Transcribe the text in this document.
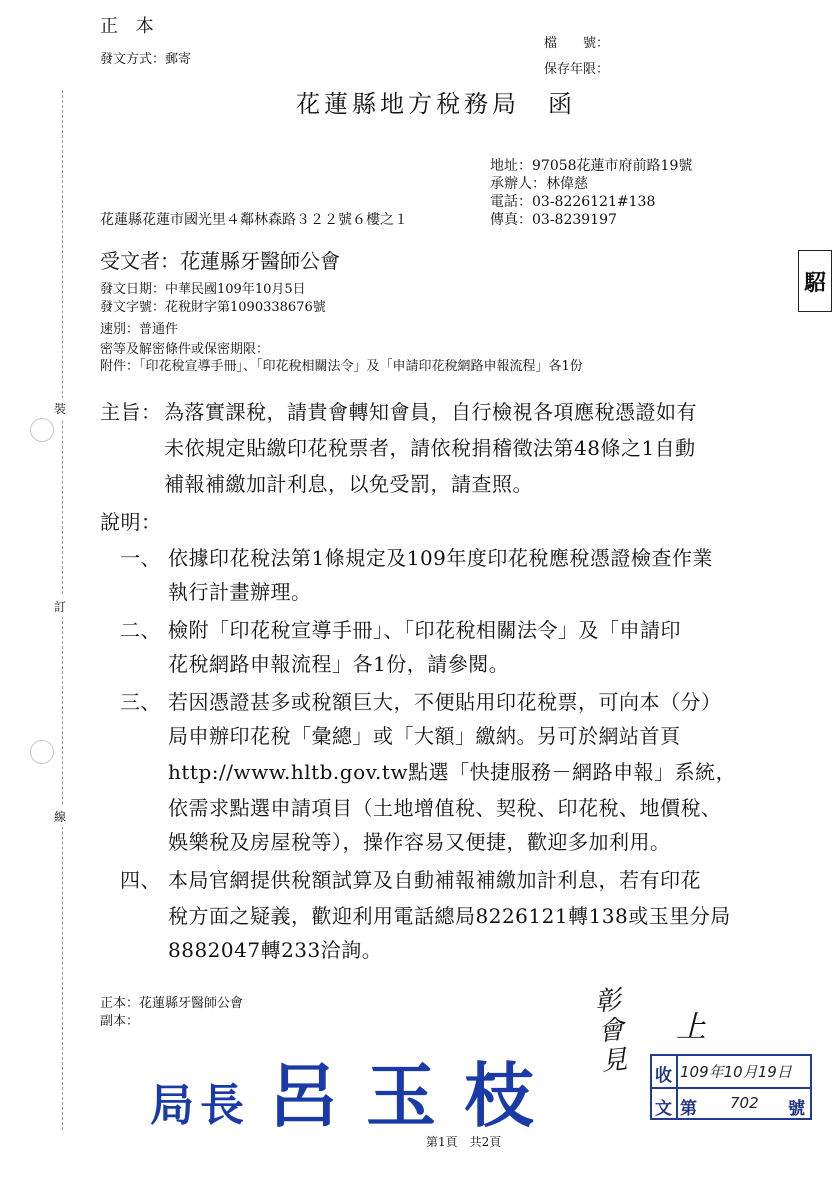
裝
訂
線
正 本
發文方式：郵寄
檔　　號：
保存年限：
花蓮縣地方稅務局　函
地址：97058花蓮市府前路19號
承辦人：林偉慈
電話：03-8226121#138
傳真：03-8239197
花蓮縣花蓮市國光里４鄰林森路３２２號６樓之１
駋
受文者：花蓮縣牙醫師公會
發文日期：中華民國109年10月5日
發文字號：花稅財字第1090338676號
速別：普通件
密等及解密條件或保密期限：
附件：「印花稅宣導手冊」、「印花稅相關法令」及「申請印花稅網路申報流程」各1份
主旨： 為落實課稅，請貴會轉知會員，自行檢視各項應稅憑證如有
未依規定貼繳印花稅票者，請依稅捐稽徵法第48條之1自動
補報補繳加計利息，以免受罰，請查照。
說明：
一、 依據印花稅法第1條規定及109年度印花稅應稅憑證檢查作業
執行計畫辦理。
二、 檢附「印花稅宣導手冊」、「印花稅相關法令」及「申請印
花稅網路申報流程」各1份，請參閱。
三、 若因憑證甚多或稅額巨大，不便貼用印花稅票，可向本（分）
局申辦印花稅「彙總」或「大額」繳納。另可於網站首頁
http://www.hltb.gov.tw點選「快捷服務－網路申報」系統，
依需求點選申請項目（土地增值稅、契稅、印花稅、地價稅、
娛樂稅及房屋稅等），操作容易又便捷，歡迎多加利用。
四、 本局官網提供稅額試算及自動補報補繳加計利息，若有印花
稅方面之疑義，歡迎利用電話總局8226121轉138或玉里分局
8882047轉233洽詢。
正本：花蓮縣牙醫師公會
副本：
局長 呂玉枝
彰會見
上
收
文
109年10月19日
第 702 號
第1頁　共2頁
